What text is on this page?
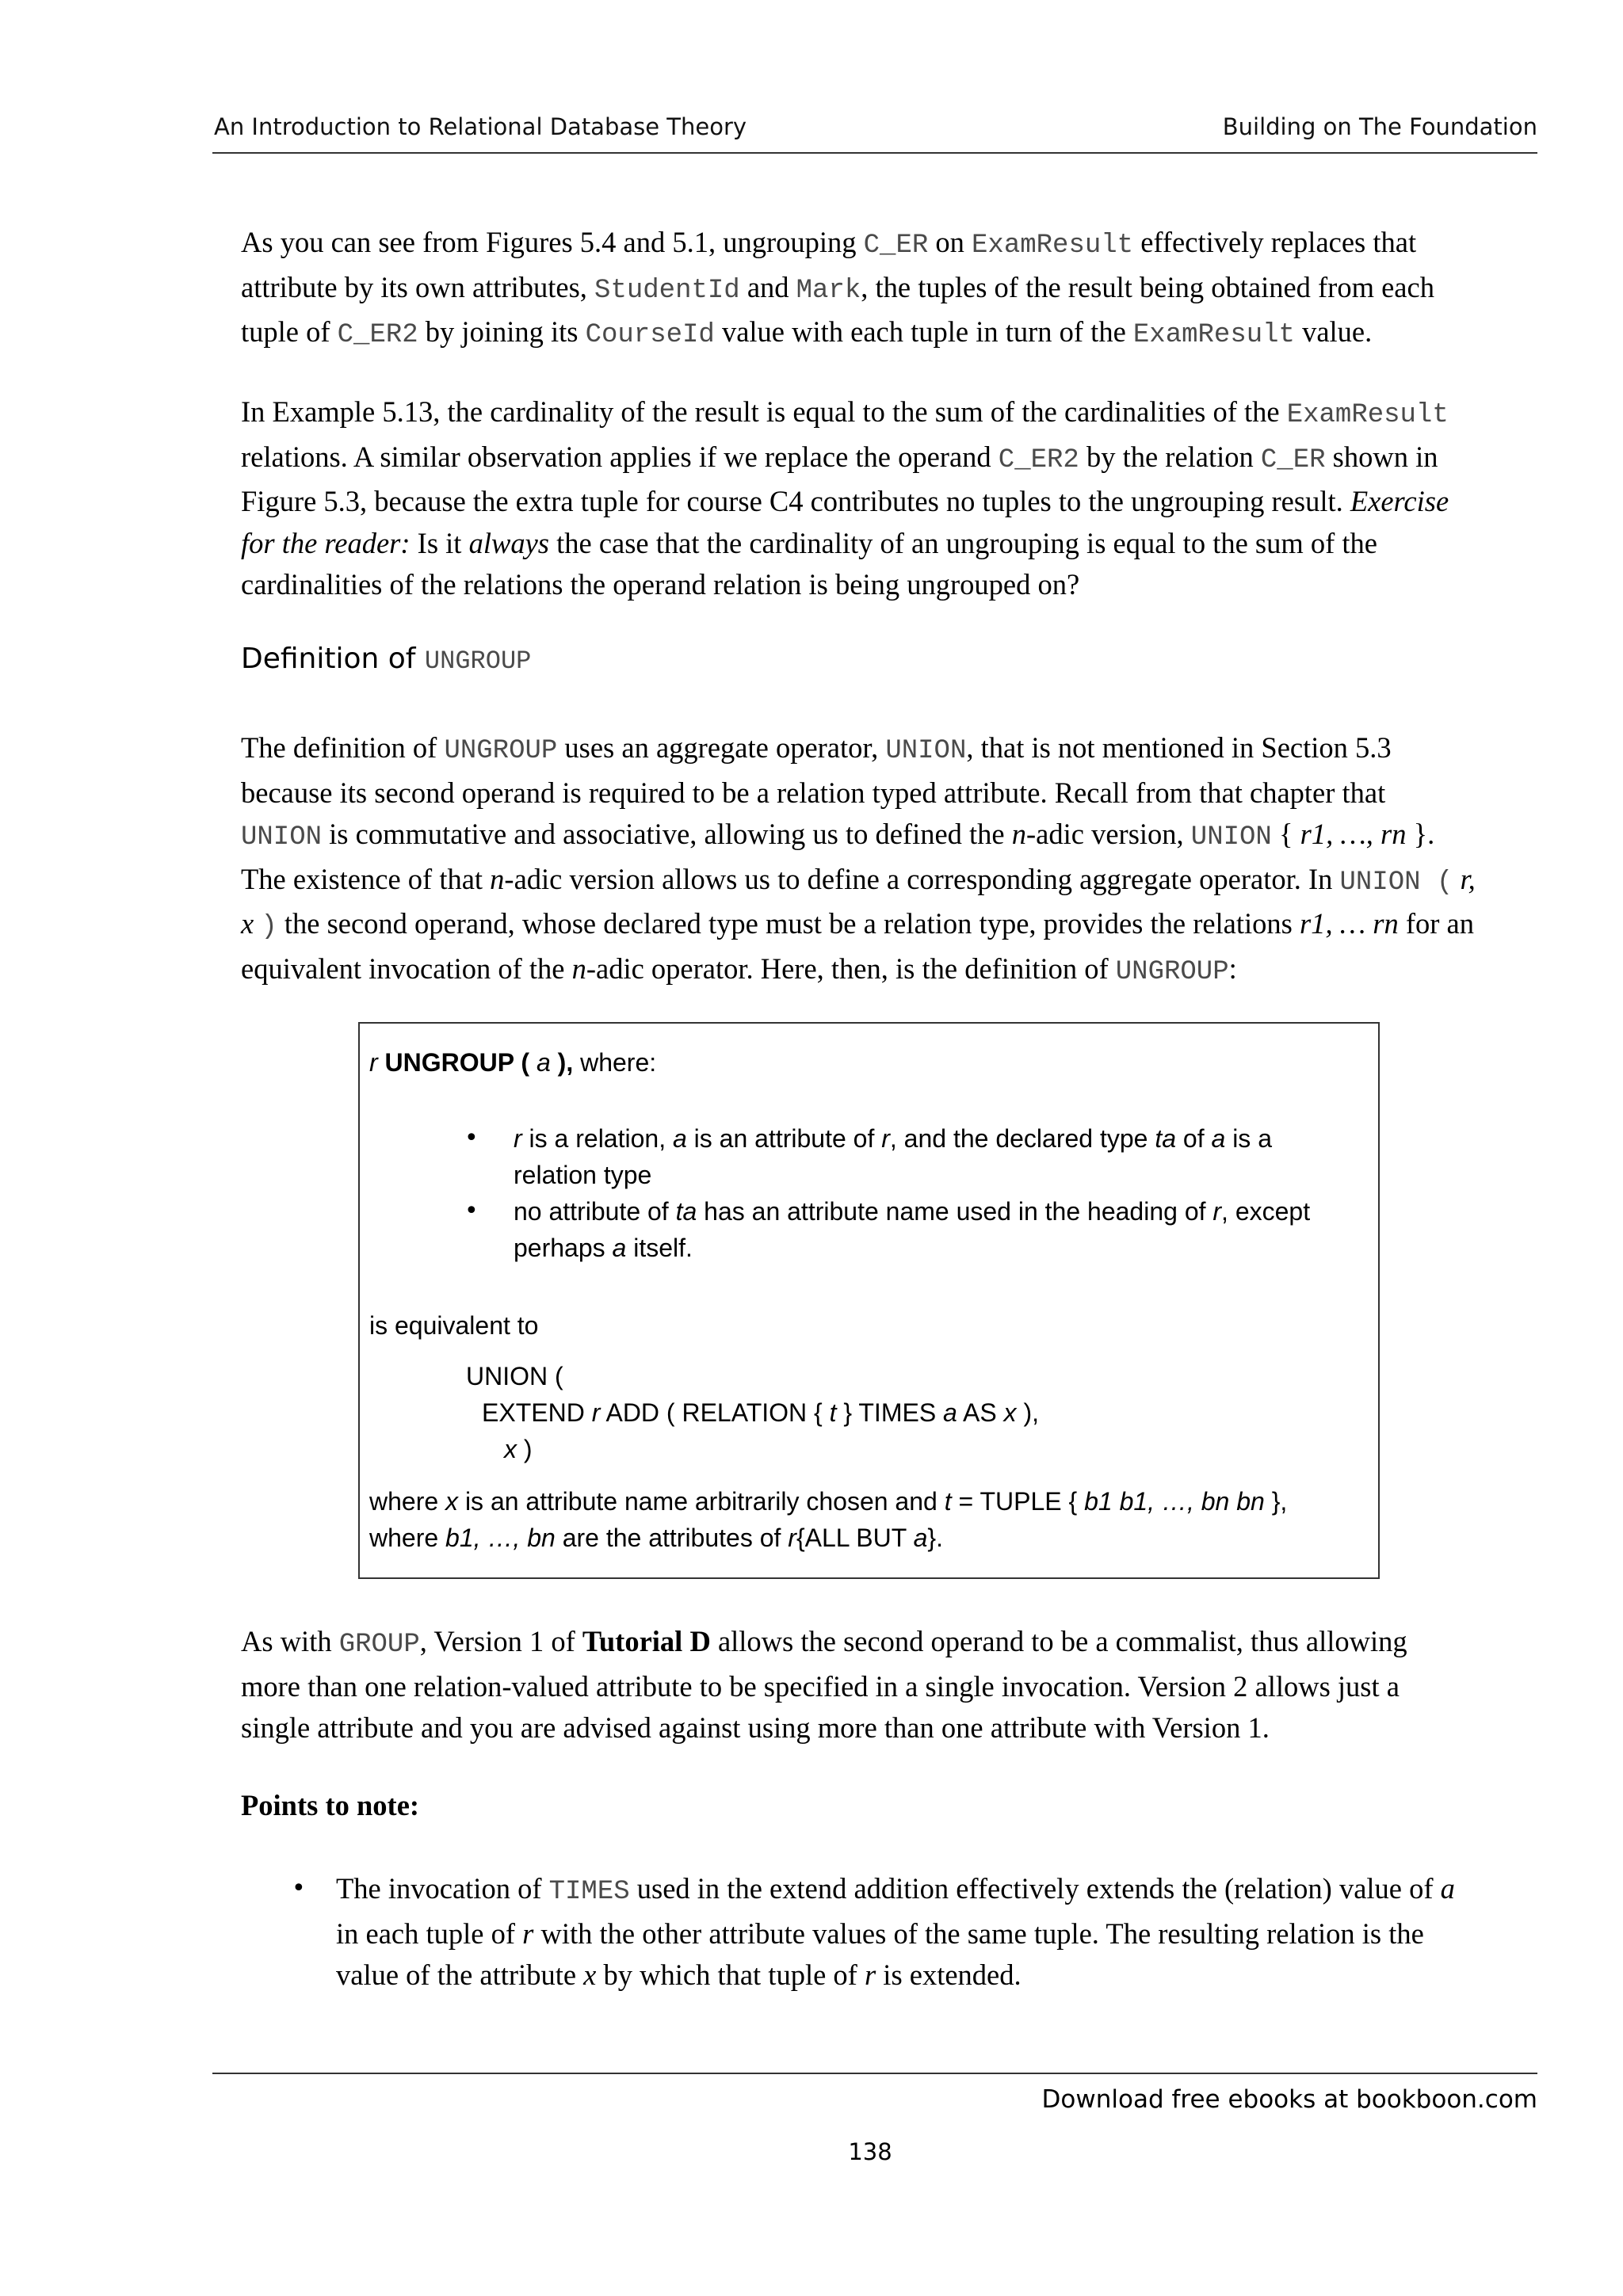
An Introduction to Relational Database Theory	Building on The Foundation
As you can see from Figures 5.4 and 5.1, ungrouping C_ER on ExamResult effectively replaces that
attribute by its own attributes, StudentId and Mark, the tuples of the result being obtained from each
tuple of C_ER2 by joining its CourseId value with each tuple in turn of the ExamResult value.
In Example 5.13, the cardinality of the result is equal to the sum of the cardinalities of the ExamResult
relations. A similar observation applies if we replace the operand C_ER2 by the relation C_ER shown in
Figure 5.3, because the extra tuple for course C4 contributes no tuples to the ungrouping result. Exercise
for the reader: Is it always the case that the cardinality of an ungrouping is equal to the sum of the
cardinalities of the relations the operand relation is being ungrouped on?
Definition of UNGROUP
The definition of UNGROUP uses an aggregate operator, UNION, that is not mentioned in Section 5.3
because its second operand is required to be a relation typed attribute. Recall from that chapter that
UNION is commutative and associative, allowing us to defined the n-adic version, UNION { r1, …, rn }.
The existence of that n-adic version allows us to define a corresponding aggregate operator. In UNION ( r,
x ) the second operand, whose declared type must be a relation type, provides the relations r1, … rn for an
equivalent invocation of the n-adic operator. Here, then, is the definition of UNGROUP:
r UNGROUP ( a ), where:
• r is a relation, a is an attribute of r, and the declared type ta of a is a
relation type
• no attribute of ta has an attribute name used in the heading of r, except
perhaps a itself.
is equivalent to
UNION (
EXTEND r ADD ( RELATION { t } TIMES a AS x ),
x )
where x is an attribute name arbitrarily chosen and t = TUPLE { b1 b1, …, bn bn },
where b1, …, bn are the attributes of r{ALL BUT a}.
As with GROUP, Version 1 of Tutorial D allows the second operand to be a commalist, thus allowing
more than one relation-valued attribute to be specified in a single invocation. Version 2 allows just a
single attribute and you are advised against using more than one attribute with Version 1.
Points to note:
• The invocation of TIMES used in the extend addition effectively extends the (relation) value of a
in each tuple of r with the other attribute values of the same tuple. The resulting relation is the
value of the attribute x by which that tuple of r is extended.
Download free ebooks at bookboon.com
138
